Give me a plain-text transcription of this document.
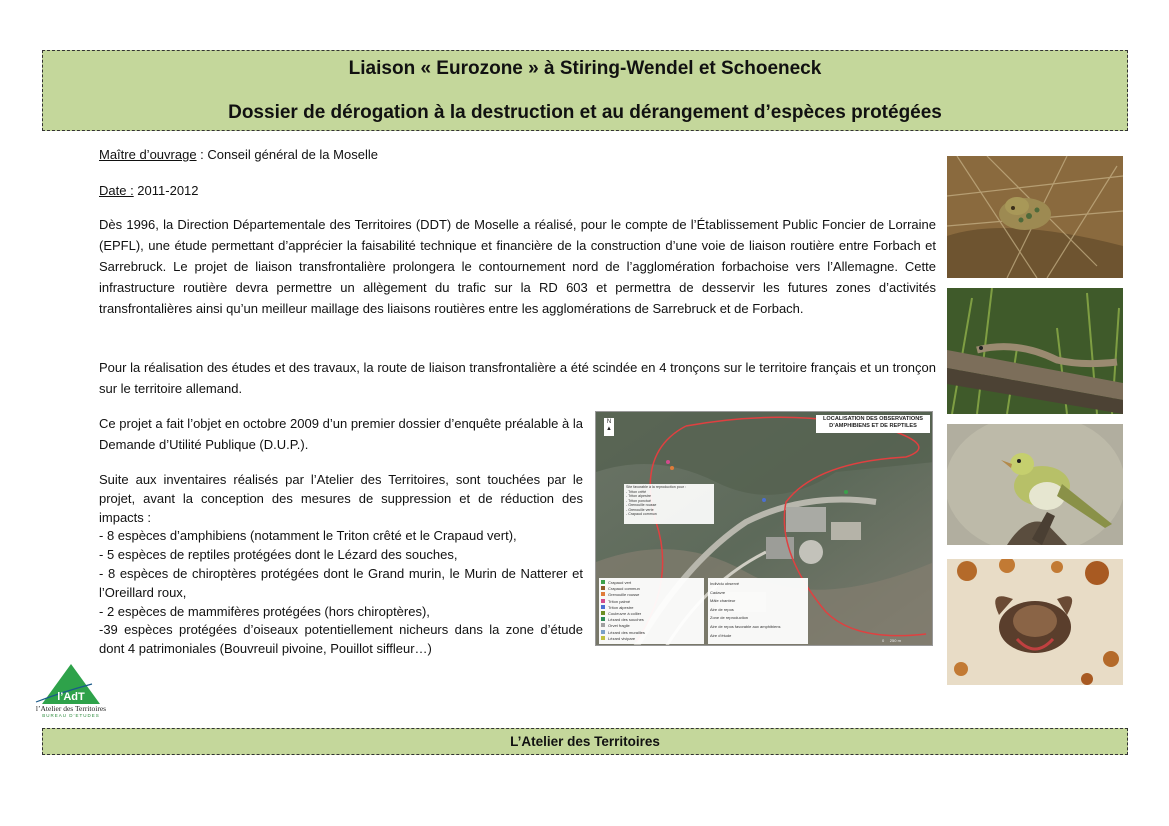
Liaison « Eurozone » à Stiring-Wendel et Schoeneck
Dossier de dérogation à la destruction et au dérangement d’espèces protégées
Maître d’ouvrage : Conseil général de la Moselle
Date : 2011-2012

Dès 1996, la Direction Départementale des Territoires (DDT) de Moselle a réalisé, pour le compte de l’Établissement Public Foncier de Lorraine (EPFL), une étude permettant d’apprécier la faisabilité technique et financière de la construction d’une voie de liaison routière entre Forbach et Sarrebruck. Le projet de liaison transfrontalière prolongera le contournement nord de l’agglomération forbachoise vers l’Allemagne. Cette infrastructure routière devra permettre un allègement du trafic sur la RD 603 et permettra de desservir les futures zones d’activités transfrontalières ainsi qu’un meilleur maillage des liaisons routières entre les agglomérations de Sarrebruck et de Forbach.

Pour la réalisation des études et des travaux, la route de liaison transfrontalière a été scindée en 4 tronçons sur le territoire français et un tronçon sur le territoire allemand.

Ce projet a fait l’objet en octobre 2009 d’un premier dossier d’enquête préalable à la Demande d’Utilité Publique (D.U.P.).

Suite aux inventaires réalisés par l’Atelier des Territoires, sont touchées par le projet, avant la conception des mesures de suppression et de réduction des impacts :
- 8 espèces d’amphibiens (notamment le Triton crêté et le Crapaud vert),
- 5 espèces de reptiles protégées dont le Lézard des souches,
- 8 espèces de chiroptères protégées dont le Grand murin, le Murin de Natterer et l’Oreillard roux,
- 2 espèces de mammifères protégées (hors chiroptères),
-39 espèces protégées d’oiseaux potentiellement nicheurs dans la zone d’étude dont 4 patrimoniales (Bouvreuil pivoine, Pouillot siffleur…)
LOCALISATION DES OBSERVATIONS
D’AMPHIBIENS ET DE REPTILES
N
▲
Site favorable à la reproduction pour :
- Triton crêté
- Triton alpestre
- Triton ponctué
- Grenouille rousse
- Grenouille verte
- Crapaud commun
Crapaud vert
Crapaud commun
Grenouille rousse
Triton palmé
Triton alpestre
Couleuvre à collier
Lézard des souches
Orvet fragile
Lézard des murailles
Lézard vivipare
Individu observé
Cadavre
Mâle chanteur
Aire de repos
Zone de reproduction
Aire de repos favorable aux amphibiens
Aire d’étude
0     250 m
l’AdT
l’Atelier des Territoires
BUREAU D’ETUDES
L’Atelier des Territoires
